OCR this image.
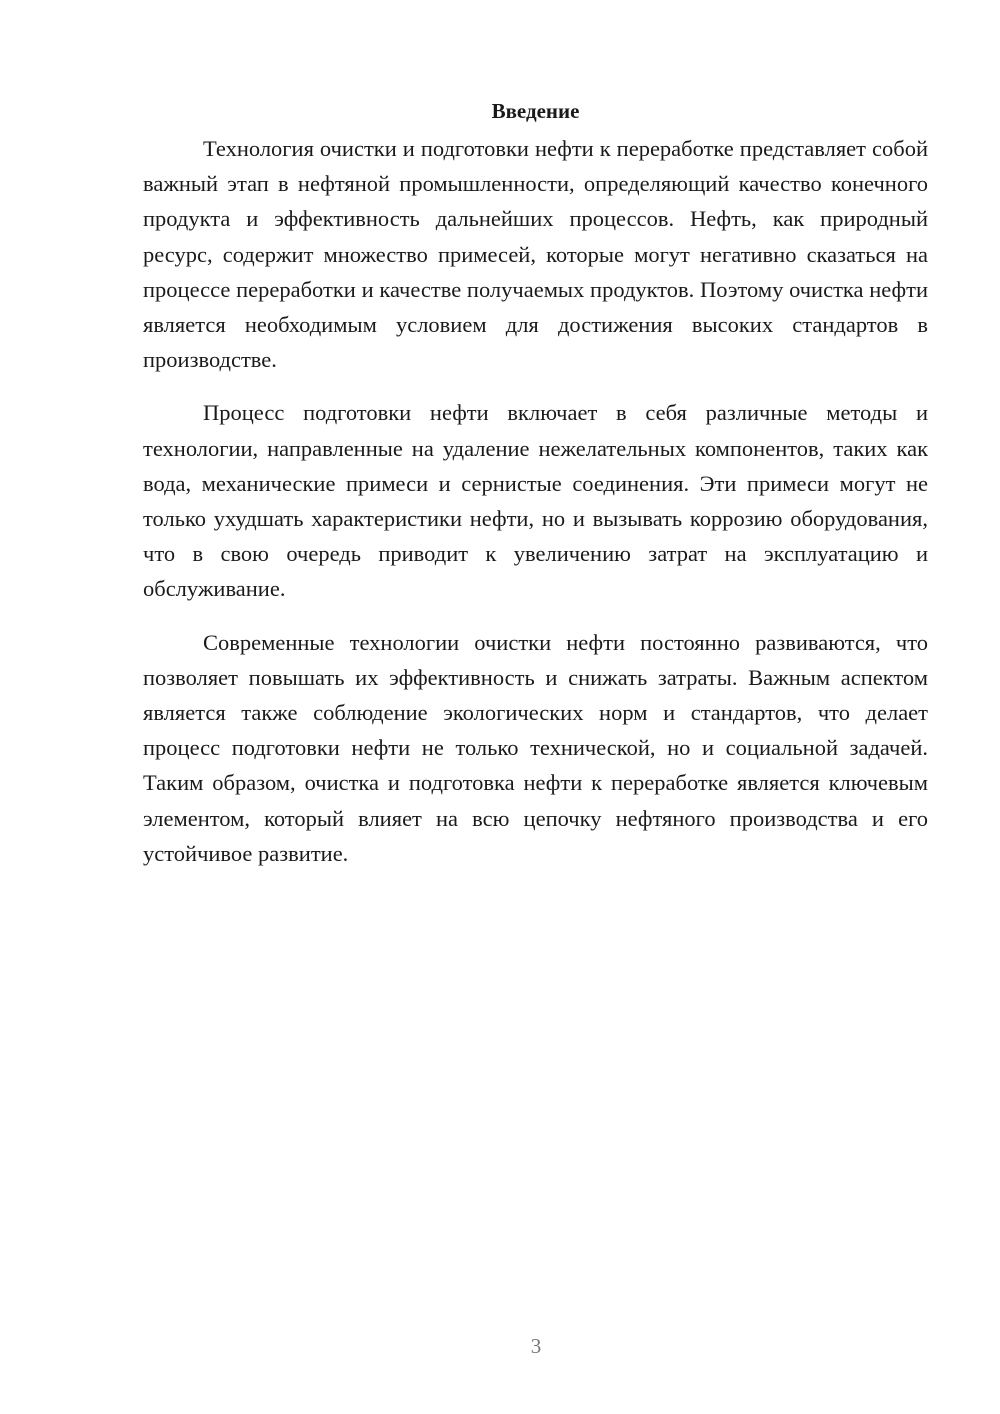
Введение

Технология очистки и подготовки нефти к переработке представляет собой важный этап в нефтяной промышленности, определяющий качество конечного продукта и эффективность дальнейших процессов. Нефть, как природный ресурс, содержит множество примесей, которые могут негативно сказаться на процессе переработки и качестве получаемых продуктов. Поэтому очистка нефти является необходимым условием для достижения высоких стандартов в производстве.

Процесс подготовки нефти включает в себя различные методы и технологии, направленные на удаление нежелательных компонентов, таких как вода, механические примеси и сернистые соединения. Эти примеси могут не только ухудшать характеристики нефти, но и вызывать коррозию оборудования, что в свою очередь приводит к увеличению затрат на эксплуатацию и обслуживание.

Современные технологии очистки нефти постоянно развиваются, что позволяет повышать их эффективность и снижать затраты. Важным аспектом является также соблюдение экологических норм и стандартов, что делает процесс подготовки нефти не только технической, но и социальной задачей. Таким образом, очистка и подготовка нефти к переработке является ключевым элементом, который влияет на всю цепочку нефтяного производства и его устойчивое развитие.

3
